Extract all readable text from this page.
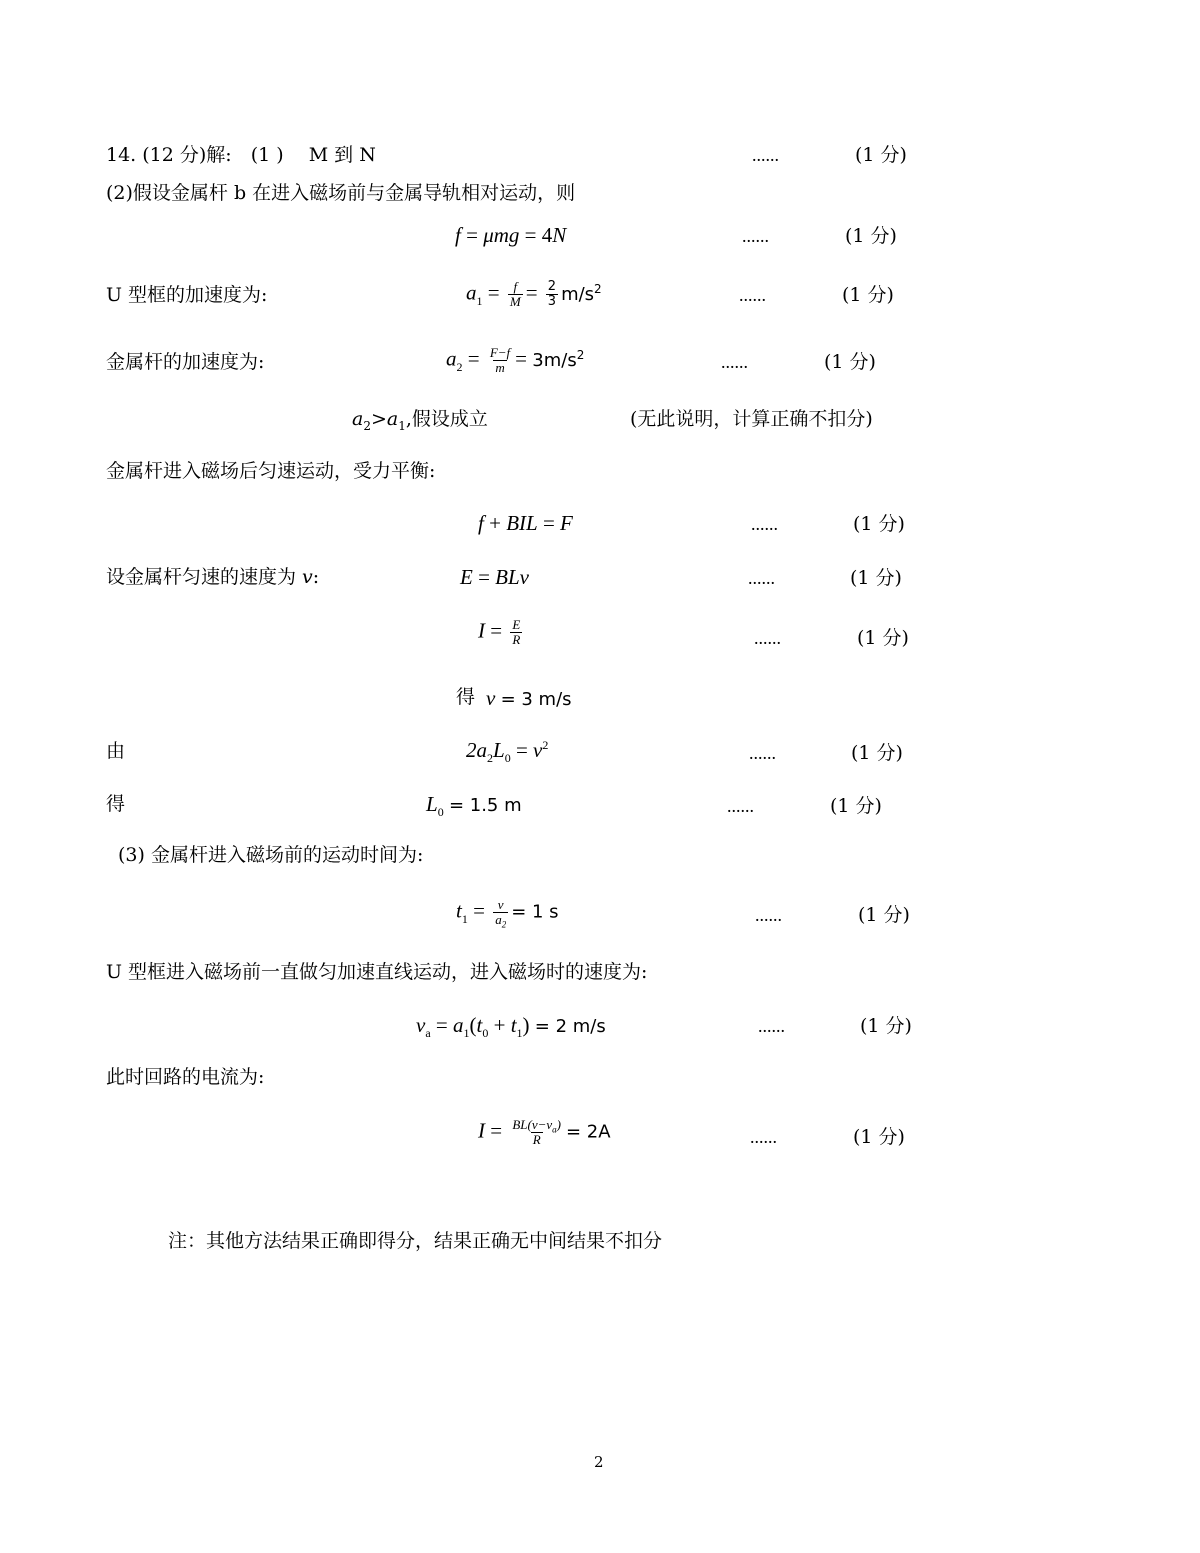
14. (12 分)解:　(1 )　 M 到 N	......	(1 分)
(2)假设金属杆 b 在进入磁场前与金属导轨相对运动，则
f = μmg = 4N	......	(1 分)
U 型框的加速度为:	$a_1 = \frac{f}{M} = \frac{2}{3} m/s^2$	......	(1 分)
金属杆的加速度为:	$a_2 = \frac{F-f}{m} = 3m/s^2$	......	(1 分)
$a_2>a_1$,假设成立	(无此说明，计算正确不扣分)
金属杆进入磁场后匀速运动，受力平衡:
f + BIL = F	......	(1 分)
设金属杆匀速的速度为 v:	E = BLv	......	(1 分)
$I = \frac{E}{R}$	......	(1 分)
得 v = 3 m/s
由	$2a_2L_0 = v^2$	......	(1 分)
得	$L_0 = 1.5$ m	......	(1 分)
(3) 金属杆进入磁场前的运动时间为:
$t_1 = \frac{v}{a_2} = 1$ s	......	(1 分)
U 型框进入磁场前一直做匀加速直线运动，进入磁场时的速度为:
$v_a = a_1(t_0 + t_1) = 2$ m/s	......	(1 分)
此时回路的电流为:
$I = \frac{BL(v-v_a)}{R} = 2A$	......	(1 分)
注：其他方法结果正确即得分，结果正确无中间结果不扣分
2
